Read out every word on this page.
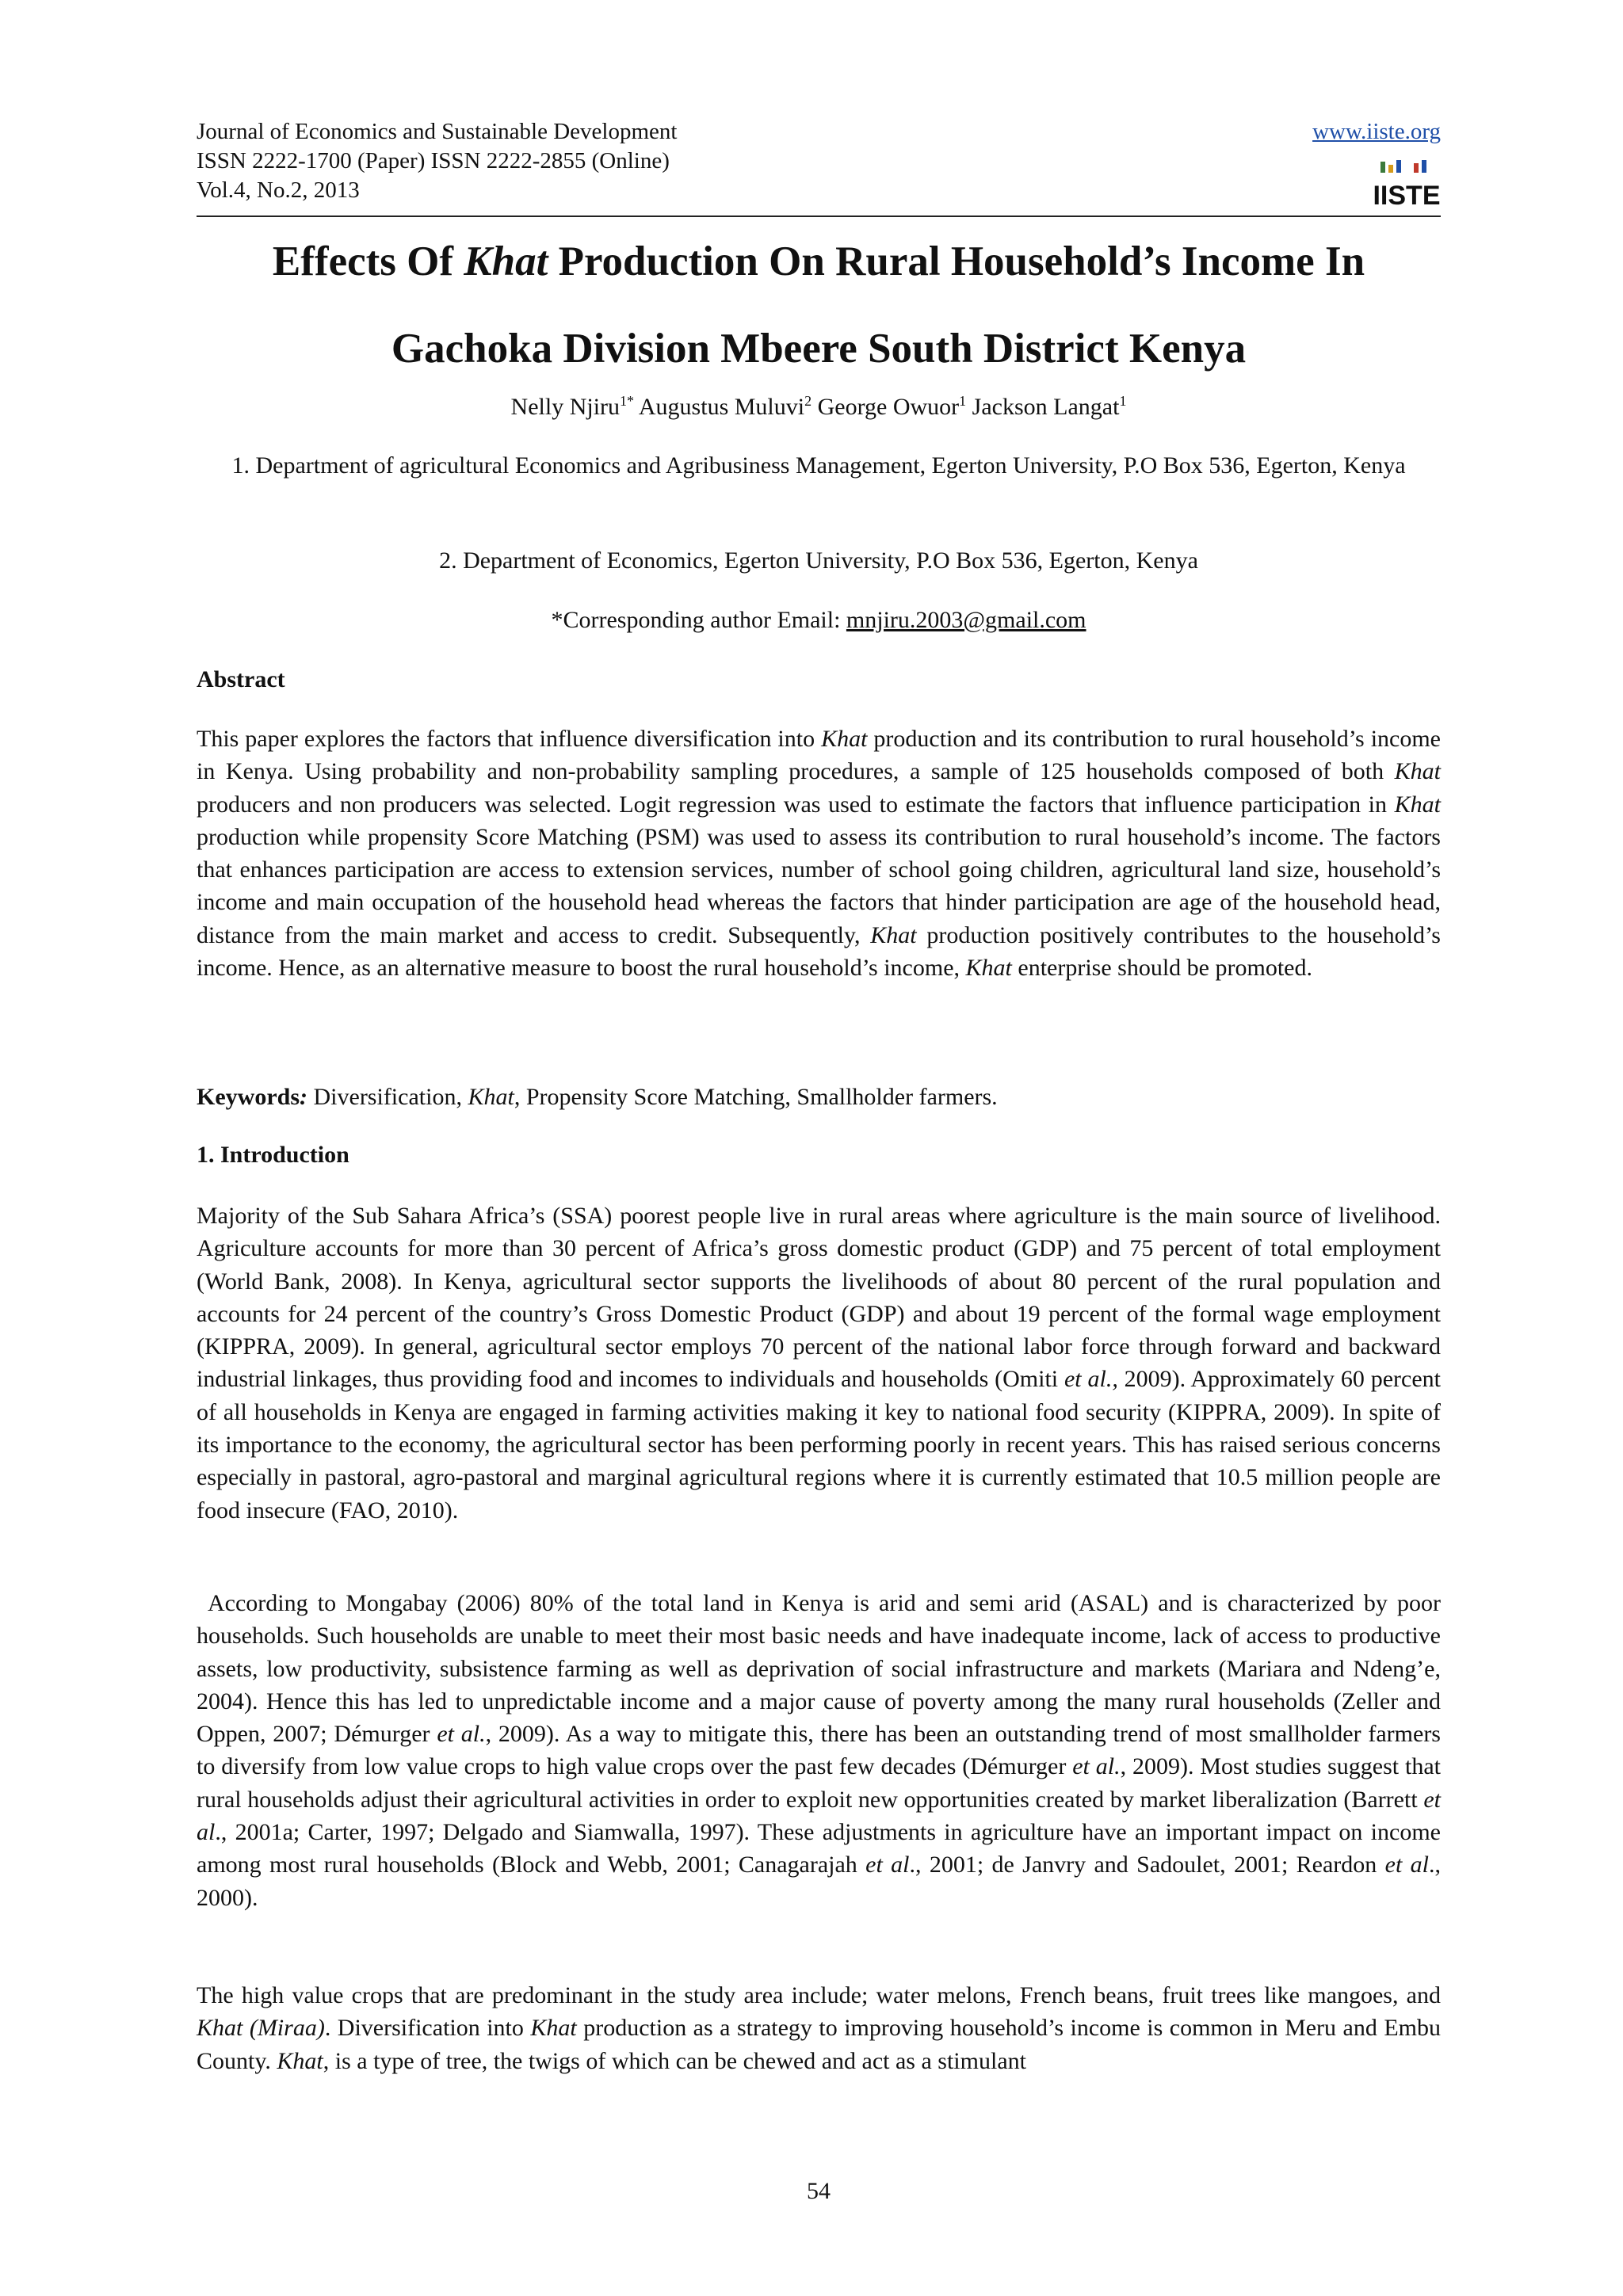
Journal of Economics and Sustainable Development
ISSN 2222-1700 (Paper) ISSN 2222-2855 (Online)
Vol.4, No.2, 2013
www.iiste.org
IISTE
Effects Of Khat Production On Rural Household’s Income In
Gachoka Division Mbeere South District Kenya
Nelly Njiru$^{1*}$ Augustus Muluvi$^2$ George Owuor$^1$ Jackson Langat$^1$
1. Department of agricultural Economics and Agribusiness Management, Egerton University, P.O Box 536, Egerton, Kenya
2. Department of Economics, Egerton University, P.O Box 536, Egerton, Kenya
*Corresponding author Email: mnjiru.2003@gmail.com
Abstract
This paper explores the factors that influence diversification into Khat production and its contribution to rural household’s income in Kenya. Using probability and non-probability sampling procedures, a sample of 125 households composed of both Khat producers and non producers was selected. Logit regression was used to estimate the factors that influence participation in Khat production while propensity Score Matching (PSM) was used to assess its contribution to rural household’s income. The factors that enhances participation are access to extension services, number of school going children, agricultural land size, household’s income and main occupation of the household head whereas the factors that hinder participation are age of the household head, distance from the main market and access to credit. Subsequently, Khat production positively contributes to the household’s income. Hence, as an alternative measure to boost the rural household’s income, Khat enterprise should be promoted.
Keywords: Diversification, Khat, Propensity Score Matching, Smallholder farmers.
1. Introduction
Majority of the Sub Sahara Africa’s (SSA) poorest people live in rural areas where agriculture is the main source of livelihood. Agriculture accounts for more than 30 percent of Africa’s gross domestic product (GDP) and 75 percent of total employment (World Bank, 2008). In Kenya, agricultural sector supports the livelihoods of about 80 percent of the rural population and accounts for 24 percent of the country’s Gross Domestic Product (GDP) and about 19 percent of the formal wage employment (KIPPRA, 2009). In general, agricultural sector employs 70 percent of the national labor force through forward and backward industrial linkages, thus providing food and incomes to individuals and households (Omiti et al., 2009). Approximately 60 percent of all households in Kenya are engaged in farming activities making it key to national food security (KIPPRA, 2009). In spite of its importance to the economy, the agricultural sector has been performing poorly in recent years. This has raised serious concerns especially in pastoral, agro-pastoral and marginal agricultural regions where it is currently estimated that 10.5 million people are food insecure (FAO, 2010).
According to Mongabay (2006) 80% of the total land in Kenya is arid and semi arid (ASAL) and is characterized by poor households. Such households are unable to meet their most basic needs and have inadequate income, lack of access to productive assets, low productivity, subsistence farming as well as deprivation of social infrastructure and markets (Mariara and Ndeng’e, 2004). Hence this has led to unpredictable income and a major cause of poverty among the many rural households (Zeller and Oppen, 2007; Démurger et al., 2009). As a way to mitigate this, there has been an outstanding trend of most smallholder farmers to diversify from low value crops to high value crops over the past few decades (Démurger et al., 2009). Most studies suggest that rural households adjust their agricultural activities in order to exploit new opportunities created by market liberalization (Barrett et al., 2001a; Carter, 1997; Delgado and Siamwalla, 1997). These adjustments in agriculture have an important impact on income among most rural households (Block and Webb, 2001; Canagarajah et al., 2001; de Janvry and Sadoulet, 2001; Reardon et al., 2000).
The high value crops that are predominant in the study area include; water melons, French beans, fruit trees like mangoes, and Khat (Miraa). Diversification into Khat production as a strategy to improving household’s income is common in Meru and Embu County. Khat, is a type of tree, the twigs of which can be chewed and act as a stimulant
54
